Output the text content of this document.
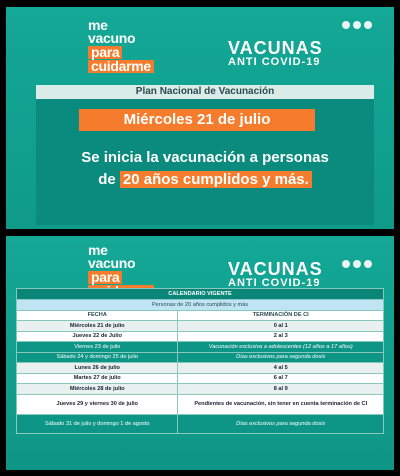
me
vacuno
para
cuidarme
VACUNAS
ANTI COVID-19
Plan Nacional de Vacunación
Miércoles 21 de julio
Se inicia la vacunación a personas
de 20 años cumplidos y más.
me
vacuno
para	VACUNAS
ANTI COVID-19
CALENDARIO VIGENTE	
Personas de 20 años cumplidos y más	
FECHA	TERMINACIÓN DE CI
Miércoles 21 de julio	0 al 1
Jueves 22 de Julio	2 al 3
Viernes 23 de julio	Vacunación exclusiva a adolescentes (12 años a 17 años)
Sábado 24 y domingo 25 de julio	Días exclusivos para segunda dosis
Lunes 26 de julio	4 al 5
Martes 27 de julio	6 al 7
Miércoles 28 de julio	8 al 9
Jueves 29 y viernes 30 de julio	Pendientes de vacunación, sin tener en cuenta terminación de CI
Sábado 31 de julio y domingo 1 de agosto	Días exclusivos para segunda dosis
